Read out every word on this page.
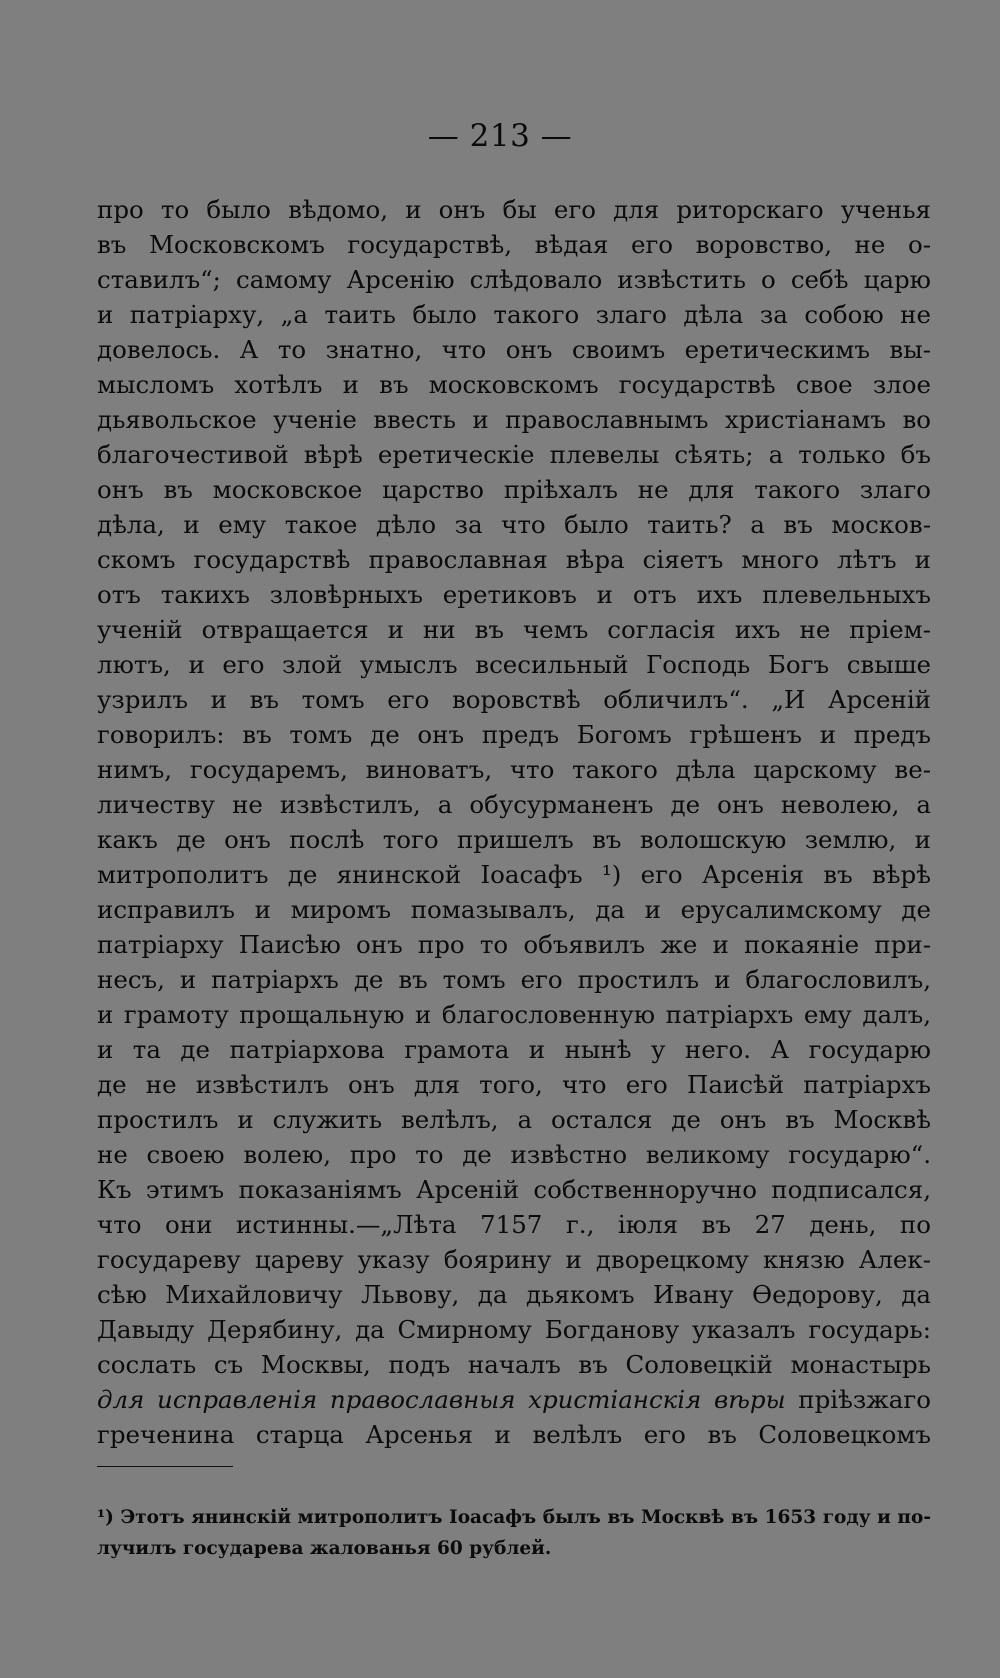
— 213 —
про то было вѣдомо, и онъ бы его для риторскаго ученья
въ Московскомъ государствѣ, вѣдая его воровство, не о-
ставилъ“; самому Арсенію слѣдовало извѣстить о себѣ царю
и патріарху, „а таить было такого злаго дѣла за собою не
довелось. А то знатно, что онъ своимъ еретическимъ вы-
мысломъ хотѣлъ и въ московскомъ государствѣ свое злое
дьявольское ученіе ввесть и православнымъ христіанамъ во
благочестивой вѣрѣ еретическіе плевелы сѣять; а только бъ
онъ въ московское царство пріѣхалъ не для такого злаго
дѣла, и ему такое дѣло за что было таить? а въ москов-
скомъ государствѣ православная вѣра сіяетъ много лѣтъ и
отъ такихъ зловѣрныхъ еретиковъ и отъ ихъ плевельныхъ
ученій отвращается и ни въ чемъ согласія ихъ не пріем-
лютъ, и его злой умыслъ всесильный Господь Богъ свыше
узрилъ и въ томъ его воровствѣ обличилъ“. „И Арсеній
говорилъ: въ томъ де онъ предъ Богомъ грѣшенъ и предъ
нимъ, государемъ, виноватъ, что такого дѣла царскому ве-
личеству не извѣстилъ, а обусурманенъ де онъ неволею, а
какъ де онъ послѣ того пришелъ въ волошскую землю, и
митрополитъ де янинской Іоасафъ ¹) его Арсенія въ вѣрѣ
исправилъ и миромъ помазывалъ, да и ерусалимскому де
патріарху Паисѣю онъ про то объявилъ же и покаяніе при-
несъ, и патріархъ де въ томъ его простилъ и благословилъ,
и грамоту прощальную и благословенную патріархъ ему далъ,
и та де патріархова грамота и нынѣ у него. А государю
де не извѣстилъ онъ для того, что его Паисѣй патріархъ
простилъ и служить велѣлъ, а остался де онъ въ Москвѣ
не своею волею, про то де извѣстно великому государю“.
Къ этимъ показаніямъ Арсеній собственноручно подписался,
что они истинны.—„Лѣта 7157 г., іюля въ 27 день, по
государеву цареву указу боярину и дворецкому князю Алек-
сѣю Михайловичу Львову, да дьякомъ Ивану Ѳедорову, да
Давыду Дерябину, да Смирному Богданову указалъ государь:
сослать съ Москвы, подъ началъ въ Соловецкій монастырь
для исправленія православныя христіанскія вѣры пріѣзжаго
греченина старца Арсенья и велѣлъ его въ Соловецкомъ
¹) Этотъ янинскій митрополитъ Іоасафъ былъ въ Москвѣ въ 1653 году и по-
лучилъ государева жалованья 60 рублей.
